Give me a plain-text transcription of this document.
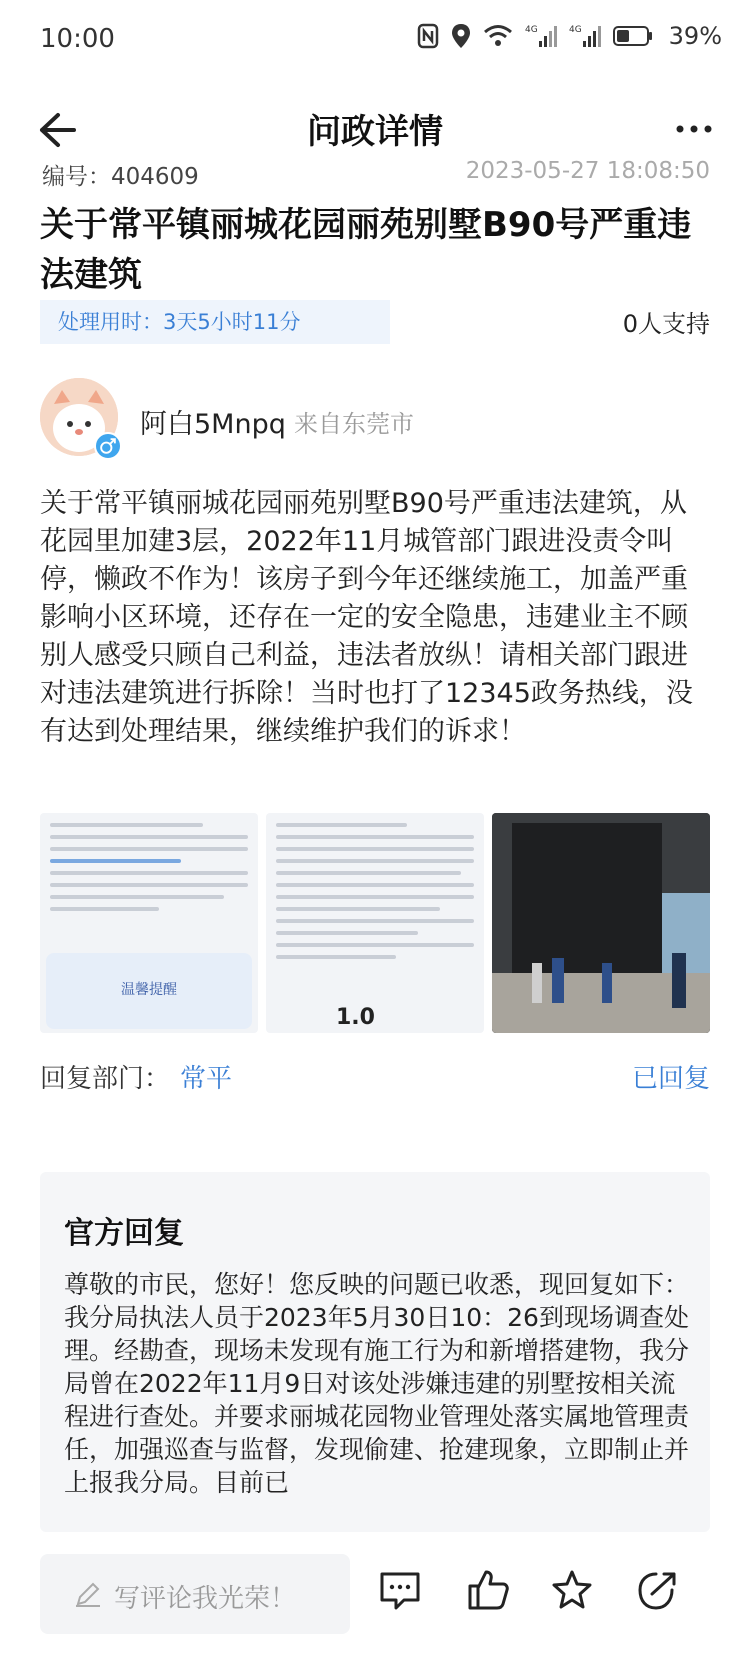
10:00	4G	4G	39%
问政详情
编号：404609	2023-05-27 18:08:50
关于常平镇丽城花园丽苑别墅B90号严重违法建筑
处理用时：3天5小时11分	0人支持
阿白5Mnpq 来自东莞市
关于常平镇丽城花园丽苑别墅B90号严重违法建筑，从花园里加建3层，2022年11月城管部门跟进没责令叫停，懒政不作为！该房子到今年还继续施工，加盖严重影响小区环境，还存在一定的安全隐患，违建业主不顾别人感受只顾自己利益，违法者放纵！请相关部门跟进对违法建筑进行拆除！当时也打了12345政务热线，没有达到处理结果，继续维护我们的诉求！
温馨提醒
1.0
回复部门： 常平	已回复
官方回复
尊敬的市民，您好！您反映的问题已收悉，现回复如下：我分局执法人员于2023年5月30日10：26到现场调查处理。经勘查，现场未发现有施工行为和新增搭建物，我分局曾在2022年11月9日对该处涉嫌违建的别墅按相关流程进行查处。并要求丽城花园物业管理处落实属地管理责任，加强巡查与监督，发现偷建、抢建现象，立即制止并上报我分局。目前已
写评论我光荣！
